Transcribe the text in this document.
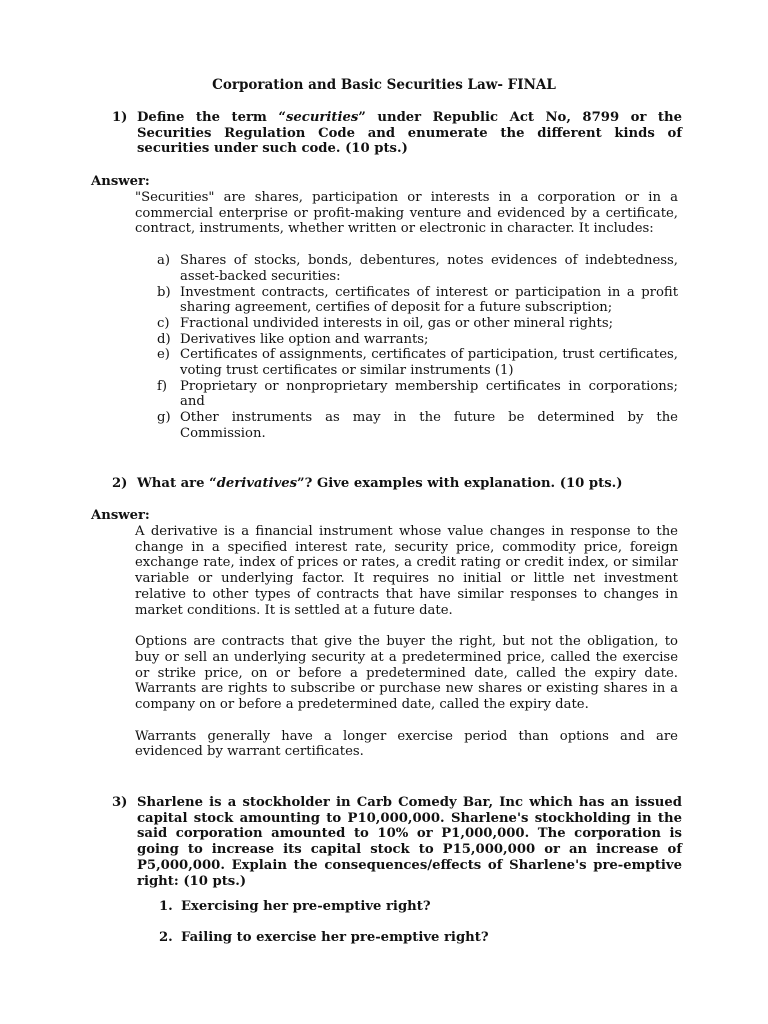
Corporation and Basic Securities Law- FINAL
1) Define the term “securities” under Republic Act No, 8799 or the Securities Regulation Code and enumerate the different kinds of securities under such code. (10 pts.)
Answer:

"Securities" are shares, participation or interests in a corporation or in a commercial enterprise or profit-making venture and evidenced by a certificate, contract, instruments, whether written or electronic in character. It includes:

a) Shares of stocks, bonds, debentures, notes evidences of indebtedness, asset-backed securities:
b) Investment contracts, certificates of interest or participation in a profit sharing agreement, certifies of deposit for a future subscription;
c) Fractional undivided interests in oil, gas or other mineral rights;
d) Derivatives like option and warrants;
e) Certificates of assignments, certificates of participation, trust certificates, voting trust certificates or similar instruments (1)
f) Proprietary or nonproprietary membership certificates in corporations; and
g) Other instruments as may in the future be determined by the Commission.
2) What are “derivatives”? Give examples with explanation. (10 pts.)
Answer:

A derivative is a financial instrument whose value changes in response to the change in a specified interest rate, security price, commodity price, foreign exchange rate, index of prices or rates, a credit rating or credit index, or similar variable or underlying factor. It requires no initial or little net investment relative to other types of contracts that have similar responses to changes in market conditions. It is settled at a future date.

Options are contracts that give the buyer the right, but not the obligation, to buy or sell an underlying security at a predetermined price, called the exercise or strike price, on or before a predetermined date, called the expiry date. Warrants are rights to subscribe or purchase new shares or existing shares in a company on or before a predetermined date, called the expiry date.

Warrants generally have a longer exercise period than options and are evidenced by warrant certificates.

3) Sharlene is a stockholder in Carb Comedy Bar, Inc which has an issued capital stock amounting to P10,000,000. Sharlene's stockholding in the said corporation amounted to 10% or P1,000,000. The corporation is going to increase its capital stock to P15,000,000 or an increase of P5,000,000. Explain the consequences/effects of Sharlene's pre-emptive right: (10 pts.)
1. Exercising her pre-emptive right?
2. Failing to exercise her pre-emptive right?
